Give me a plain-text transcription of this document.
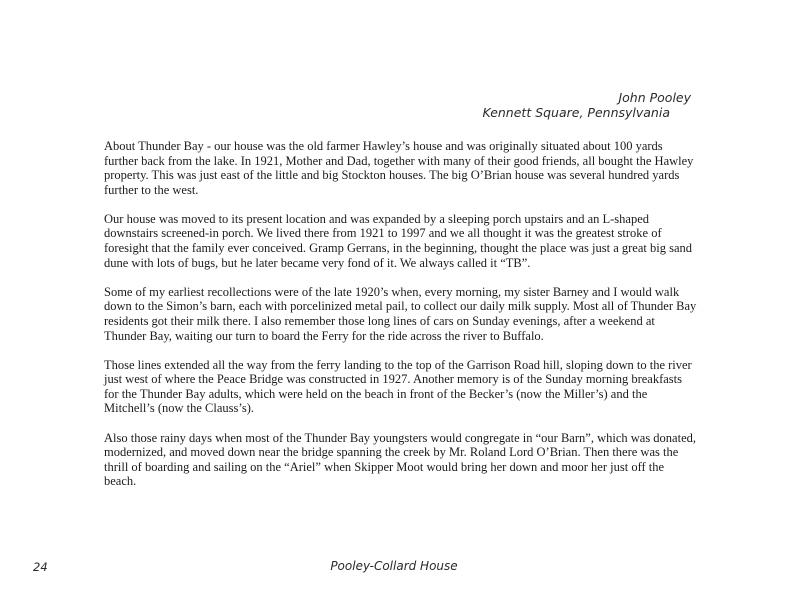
John Pooley
Kennett Square, Pennsylvania

About Thunder Bay - our house was the old farmer Hawley’s house and was originally situated about 100 yards further back from the lake. In 1921, Mother and Dad, together with many of their good friends, all bought the Hawley property. This was just east of the little and big Stockton houses. The big O’Brian house was several hundred yards further to the west.

Our house was moved to its present location and was expanded by a sleeping porch upstairs and an L-shaped downstairs screened-in porch. We lived there from 1921 to 1997 and we all thought it was the greatest stroke of foresight that the family ever conceived. Gramp Gerrans, in the beginning, thought the place was just a great big sand dune with lots of bugs, but he later became very fond of it. We always called it “TB”.

Some of my earliest recollections were of the late 1920’s when, every morning, my sister Barney and I would walk down to the Simon’s barn, each with porcelinized metal pail, to collect our daily milk supply. Most all of Thunder Bay residents got their milk there. I also remember those long lines of cars on Sunday evenings, after a weekend at Thunder Bay, waiting our turn to board the Ferry for the ride across the river to Buffalo.

Those lines extended all the way from the ferry landing to the top of the Garrison Road hill, sloping down to the river just west of where the Peace Bridge was constructed in 1927. Another memory is of the Sunday morning breakfasts for the Thunder Bay adults, which were held on the beach in front of the Becker’s (now the Miller’s) and the Mitchell’s (now the Clauss’s).

Also those rainy days when most of the Thunder Bay youngsters would congregate in “our Barn”, which was donated, modernized, and moved down near the bridge spanning the creek by Mr. Roland Lord O’Brian. Then there was the thrill of boarding and sailing on the “Ariel” when Skipper Moot would bring her down and moor her just off the beach.

24	Pooley-Collard House
